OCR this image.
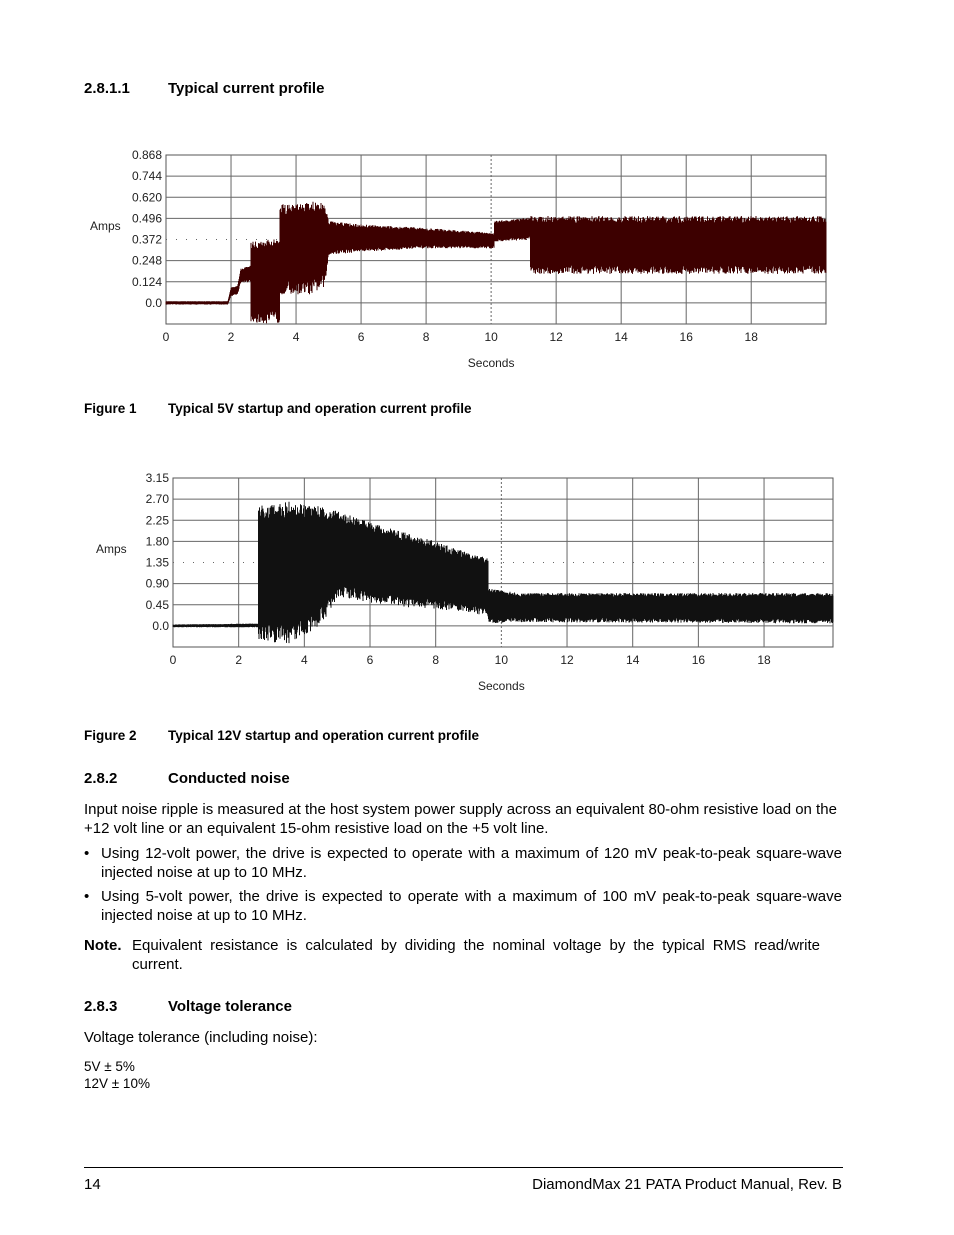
2.8.1.1	Typical current profile
0	2	4	6	8	10	12	14	16	18
0.868
0.744
0.620
0.496
0.372
0.248
0.124
0.0
Amps
Seconds
Figure 1 Typical 5V startup and operation current profile
0	2	4	6	8	10	12	14	16	18
3.15
2.70
2.25
1.80
1.35
0.90
0.45
0.0
Amps
Seconds
Figure 2 Typical 12V startup and operation current profile
2.8.2	Conducted noise
Input noise ripple is measured at the host system power supply across an equivalent 80-ohm resistive load on the +12 volt line or an equivalent 15-ohm resistive load on the +5 volt line.
• Using 12-volt power, the drive is expected to operate with a maximum of 120 mV peak-to-peak square-wave injected noise at up to 10 MHz.
• Using 5-volt power, the drive is expected to operate with a maximum of 100 mV peak-to-peak square-wave injected noise at up to 10 MHz.
Note. Equivalent resistance is calculated by dividing the nominal voltage by the typical RMS read/write current.
2.8.3	Voltage tolerance
Voltage tolerance (including noise):
5V ± 5%
12V ± 10%
14	DiamondMax 21 PATA Product Manual, Rev. B
